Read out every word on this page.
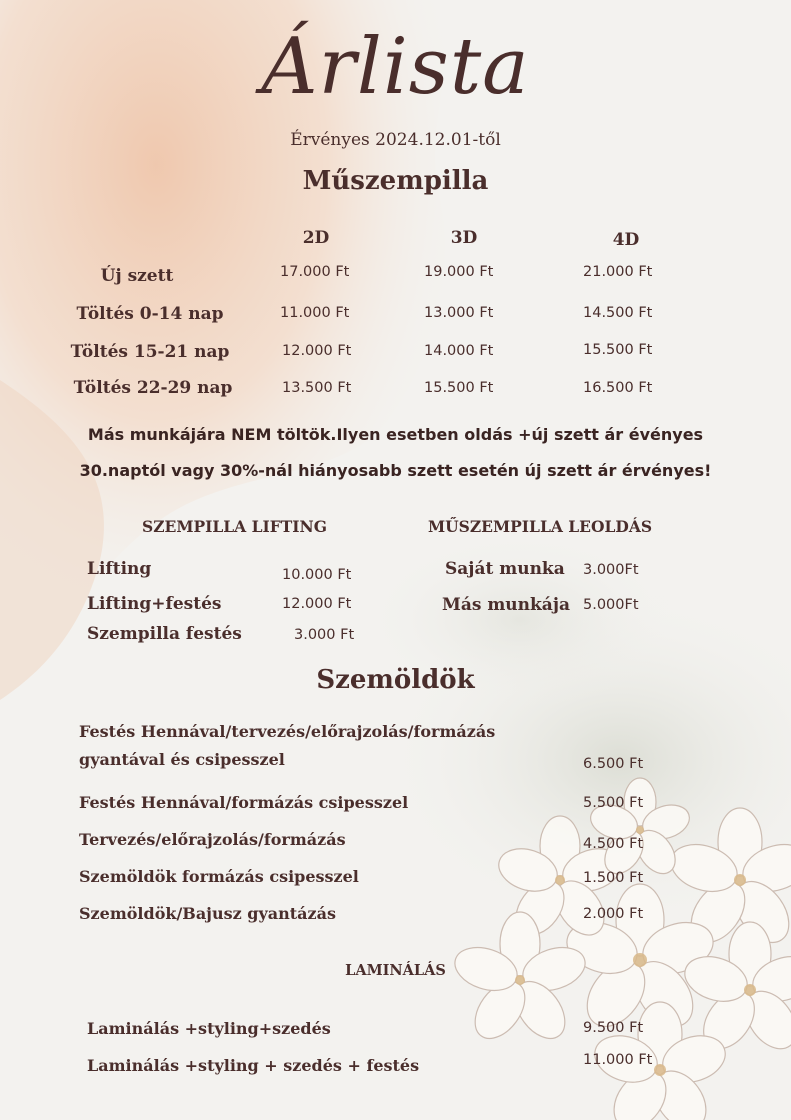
Árlista
Érvényes 2024.12.01-től
Műszempilla
2D	3D	4D
Új szett	17.000 Ft	19.000 Ft	21.000 Ft
Töltés 0-14 nap	11.000 Ft	13.000 Ft	14.500 Ft
Töltés 15-21 nap	12.000 Ft	14.000 Ft	15.500 Ft
Töltés 22-29 nap	13.500 Ft	15.500 Ft	16.500 Ft
Más munkájára NEM töltök.Ilyen esetben oldás +új szett ár évényes
30.naptól vagy 30%-nál hiányosabb szett esetén új szett ár érvényes!
SZEMPILLA LIFTING
Lifting	10.000 Ft
Lifting+festés	12.000 Ft
Szempilla festés	3.000 Ft
MŰSZEMPILLA LEOLDÁS
Saját munka 3.000Ft
Más munkája 5.000Ft
Szemöldök
Festés Hennával/tervezés/előrajzolás/formázás
gyantával és csipesszel	6.500 Ft
Festés Hennával/formázás csipesszel	5.500 Ft
Tervezés/előrajzolás/formázás	4.500 Ft
Szemöldök formázás csipesszel	1.500 Ft
Szemöldök/Bajusz gyantázás	2.000 Ft
LAMINÁLÁS
Laminálás +styling+szedés	9.500 Ft
Laminálás +styling + szedés + festés	11.000 Ft
